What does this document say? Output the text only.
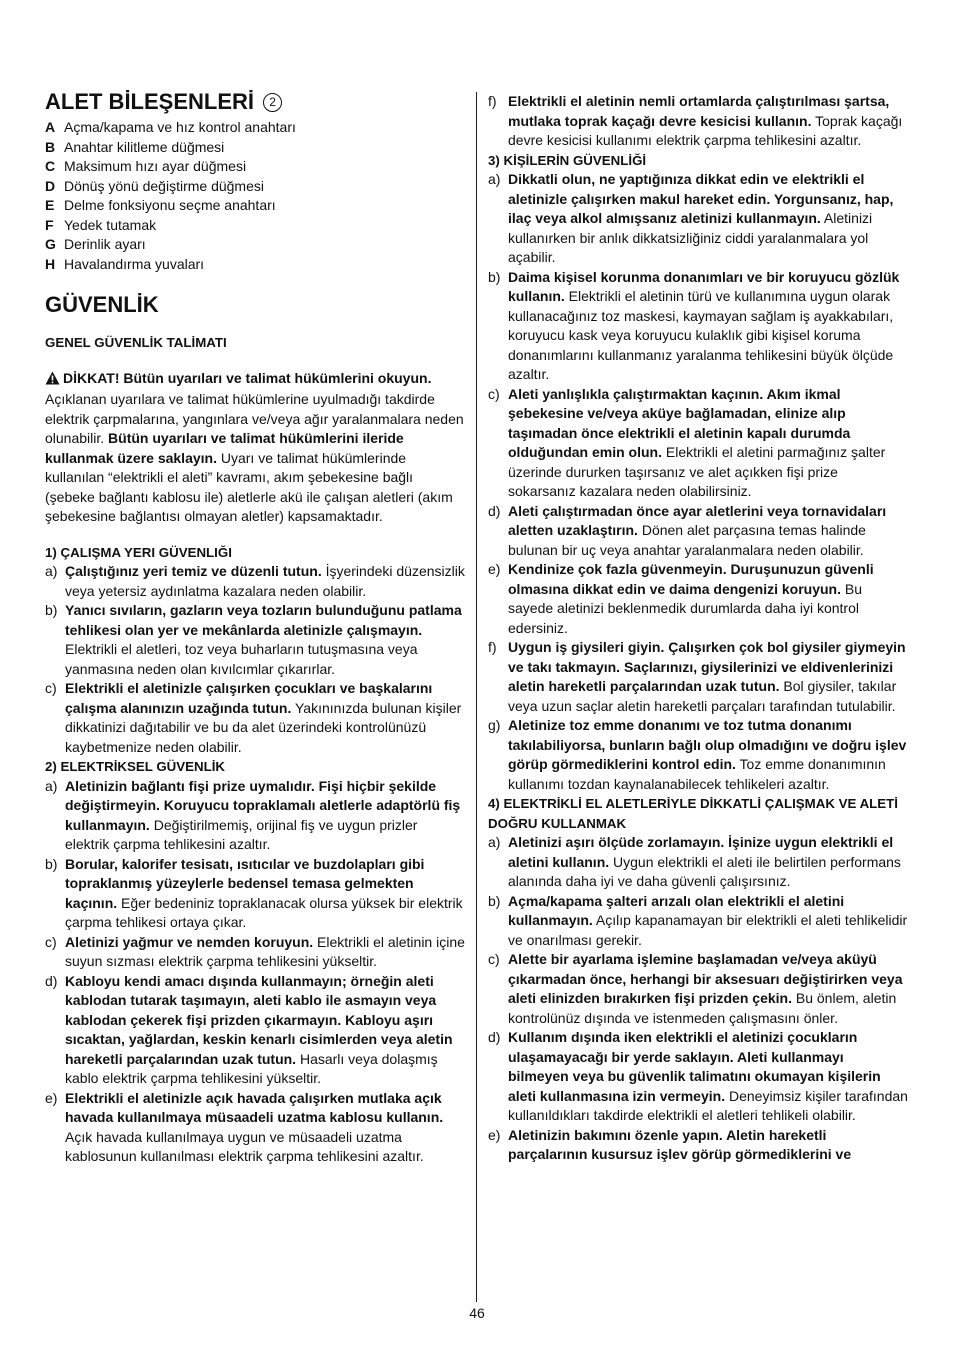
ALET BİLEŞENLERİ 2
A Açma/kapama ve hız kontrol anahtarı
B Anahtar kilitleme düğmesi
C Maksimum hızı ayar düğmesi
D Dönüş yönü değiştirme düğmesi
E Delme fonksiyonu seçme anahtarı
F Yedek tutamak
G Derinlik ayarı
H Havalandırma yuvaları
GÜVENLİK

GENEL GÜVENLİK TALİMATI

DİKKAT! Bütün uyarıları ve talimat hükümlerini okuyun. Açıklanan uyarılara ve talimat hükümlerine uyulmadığı takdirde elektrik çarpmalarına, yangınlara ve/veya ağır yaralanmalara neden olunabilir. Bütün uyarıları ve talimat hükümlerini ileride kullanmak üzere saklayın. Uyarı ve talimat hükümlerinde kullanılan “elektrikli el aleti” kavramı, akım şebekesine bağlı (şebeke bağlantı kablosu ile) aletlerle akü ile çalışan aletleri (akım şebekesine bağlantısı olmayan aletler) kapsamaktadır.

1) ÇALIŞMA YERI GÜVENLIĞI

a) Çalıştığınız yeri temiz ve düzenli tutun. İşyerindeki düzensizlik veya yetersiz aydınlatma kazalara neden olabilir.
b) Yanıcı sıvıların, gazların veya tozların bulunduğunu patlama tehlikesi olan yer ve mekânlarda aletinizle çalışmayın. Elektrikli el aletleri, toz veya buharların tutuşmasına veya yanmasına neden olan kıvılcımlar çıkarırlar.
c) Elektrikli el aletinizle çalışırken çocukları ve başkalarını çalışma alanınızın uzağında tutun. Yakınınızda bulunan kişiler dikkatinizi dağıtabilir ve bu da alet üzerindeki kontrolünüzü kaybetmenize neden olabilir.

2) ELEKTRİKSEL GÜVENLİK

a) Aletinizin bağlantı fişi prize uymalıdır. Fişi hiçbir şekilde değiştirmeyin. Koruyucu topraklamalı aletlerle adaptörlü fiş kullanmayın. Değiştirilmemiş, orijinal fiş ve uygun prizler elektrik çarpma tehlikesini azaltır.
b) Borular, kalorifer tesisatı, ısıtıcılar ve buzdolapları gibi topraklanmış yüzeylerle bedensel temasa gelmekten kaçının. Eğer bedeniniz topraklanacak olursa yüksek bir elektrik çarpma tehlikesi ortaya çıkar.
c) Aletinizi yağmur ve nemden koruyun. Elektrikli el aletinin içine suyun sızması elektrik çarpma tehlikesini yükseltir.
d) Kabloyu kendi amacı dışında kullanmayın; örneğin aleti kablodan tutarak taşımayın, aleti kablo ile asmayın veya kablodan çekerek fişi prizden çıkarmayın. Kabloyu aşırı sıcaktan, yağlardan, keskin kenarlı cisimlerden veya aletin hareketli parçalarından uzak tutun. Hasarlı veya dolaşmış kablo elektrik çarpma tehlikesini yükseltir.
e) Elektrikli el aletinizle açık havada çalışırken mutlaka açık havada kullanılmaya müsaadeli uzatma kablosu kullanın. Açık havada kullanılmaya uygun ve müsaadeli uzatma kablosunun kullanılması elektrik çarpma tehlikesini azaltır.
f) Elektrikli el aletinin nemli ortamlarda çalıştırılması şartsa, mutlaka toprak kaçağı devre kesicisi kullanın. Toprak kaçağı devre kesicisi kullanımı elektrik çarpma tehlikesini azaltır.

3) KİŞİLERİN GÜVENLİĞİ

a) Dikkatli olun, ne yaptığınıza dikkat edin ve elektrikli el aletinizle çalışırken makul hareket edin. Yorgunsanız, hap, ilaç veya alkol almışsanız aletinizi kullanmayın. Aletinizi kullanırken bir anlık dikkatsizliğiniz ciddi yaralanmalara yol açabilir.
b) Daima kişisel korunma donanımları ve bir koruyucu gözlük kullanın. Elektrikli el aletinin türü ve kullanımına uygun olarak kullanacağınız toz maskesi, kaymayan sağlam iş ayakkabıları, koruyucu kask veya koruyucu kulaklık gibi kişisel koruma donanımlarını kullanmanız yaralanma tehlikesini büyük ölçüde azaltır.
c) Aleti yanlışlıkla çalıştırmaktan kaçının. Akım ikmal şebekesine ve/veya aküye bağlamadan, elinize alıp taşımadan önce elektrikli el aletinin kapalı durumda olduğundan emin olun. Elektrikli el aletini parmağınız şalter üzerinde dururken taşırsanız ve alet açıkken fişi prize sokarsanız kazalara neden olabilirsiniz.
d) Aleti çalıştırmadan önce ayar aletlerini veya tornavidaları aletten uzaklaştırın. Dönen alet parçasına temas halinde bulunan bir uç veya anahtar yaralanmalara neden olabilir.
e) Kendinize çok fazla güvenmeyin. Duruşunuzun güvenli olmasına dikkat edin ve daima dengenizi koruyun. Bu sayede aletinizi beklenmedik durumlarda daha iyi kontrol edersiniz.
f) Uygun iş giysileri giyin. Çalışırken çok bol giysiler giymeyin ve takı takmayın. Saçlarınızı, giysilerinizi ve eldivenlerinizi aletin hareketli parçalarından uzak tutun. Bol giysiler, takılar veya uzun saçlar aletin hareketli parçaları tarafından tutulabilir.
g) Aletinize toz emme donanımı ve toz tutma donanımı takılabiliyorsa, bunların bağlı olup olmadığını ve doğru işlev görüp görmediklerini kontrol edin. Toz emme donanımının kullanımı tozdan kaynalanabilecek tehlikeleri azaltır.

4) ELEKTRİKLİ EL ALETLERİYLE DİKKATLİ ÇALIŞMAK VE ALETİ DOĞRU KULLANMAK

a) Aletinizi aşırı ölçüde zorlamayın. İşinize uygun elektrikli el aletini kullanın. Uygun elektrikli el aleti ile belirtilen performans alanında daha iyi ve daha güvenli çalışırsınız.
b) Açma/kapama şalteri arızalı olan elektrikli el aletini kullanmayın. Açılıp kapanamayan bir elektrikli el aleti tehlikelidir ve onarılması gerekir.
c) Alette bir ayarlama işlemine başlamadan ve/veya aküyü çıkarmadan önce, herhangi bir aksesuarı değiştirirken veya aleti elinizden bırakırken fişi prizden çekin. Bu önlem, aletin kontrolünüz dışında ve istenmeden çalışmasını önler.
d) Kullanım dışında iken elektrikli el aletinizi çocukların ulaşamayacağı bir yerde saklayın. Aleti kullanmayı bilmeyen veya bu güvenlik talimatını okumayan kişilerin aleti kullanmasına izin vermeyin. Deneyimsiz kişiler tarafından kullanıldıkları takdirde elektrikli el aletleri tehlikeli olabilir.
e) Aletinizin bakımını özenle yapın. Aletin hareketli parçalarının kusursuz işlev görüp görmediklerini ve
46
